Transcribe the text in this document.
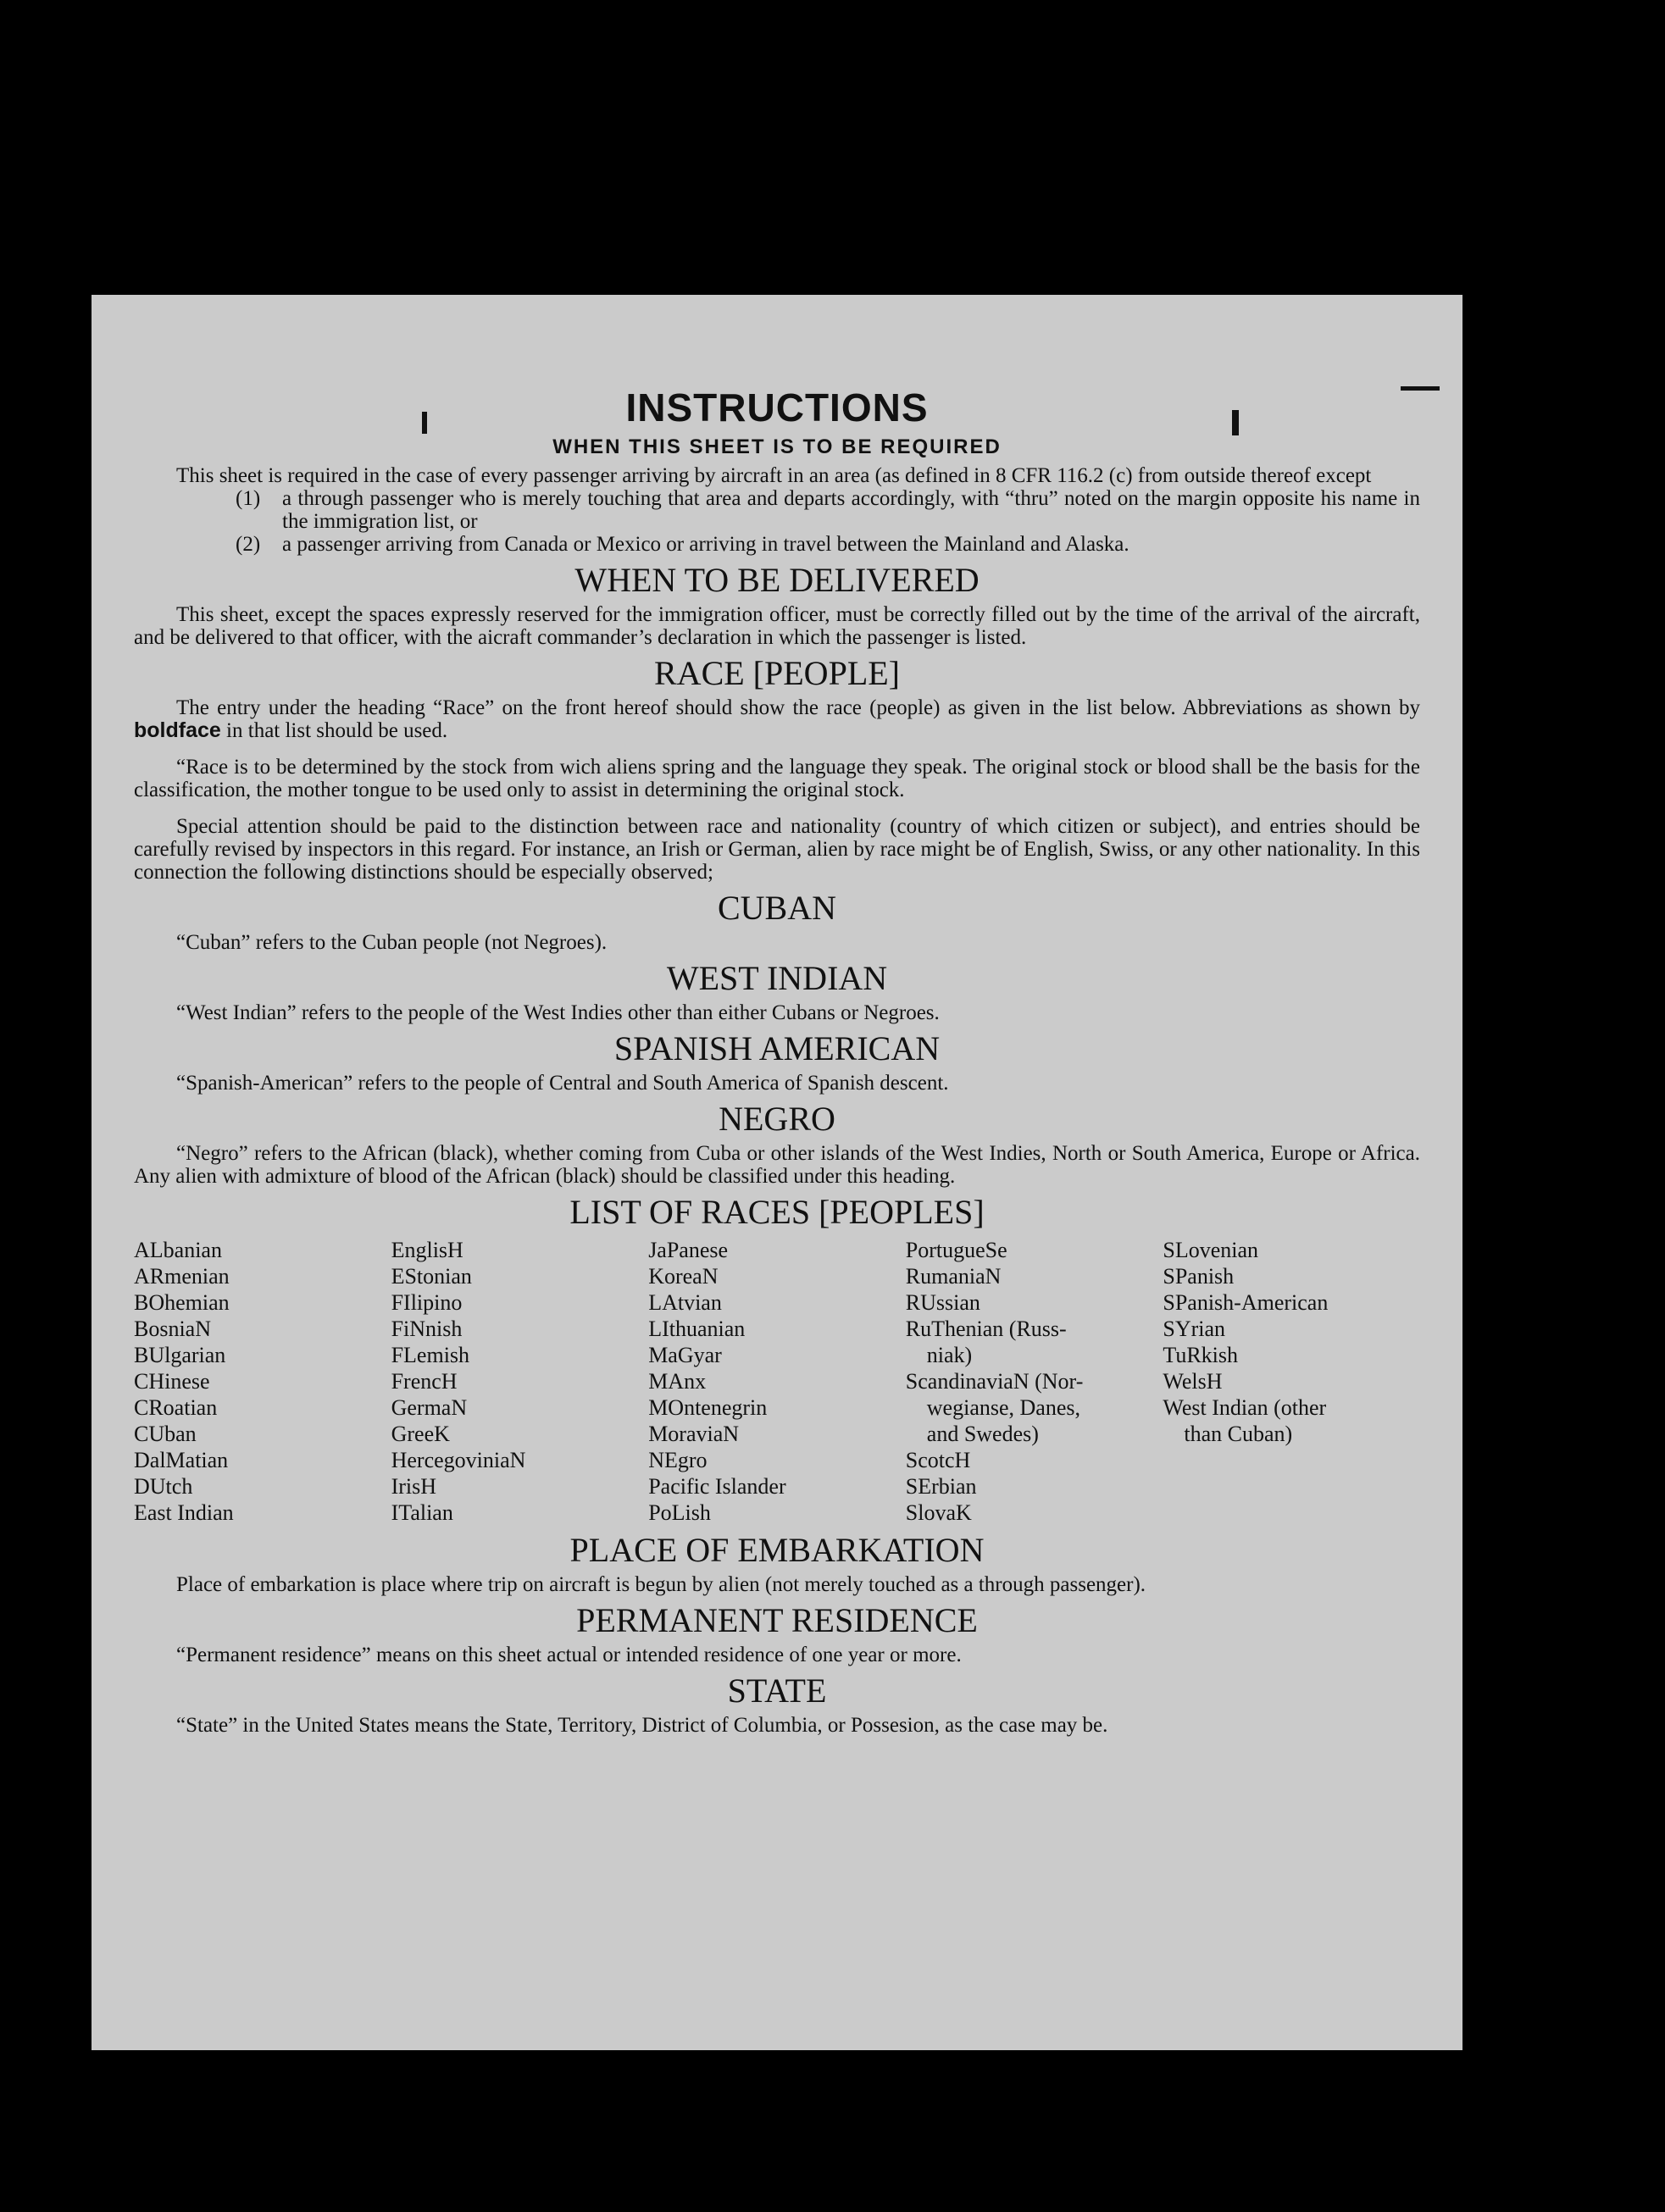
INSTRUCTIONS
WHEN THIS SHEET IS TO BE REQUIRED

This sheet is required in the case of every passenger arriving by aircraft in an area (as defined in 8 CFR 116.2 (c) from outside thereof except

(1)	a through passenger who is merely touching that area and departs accordingly, with “thru” noted on the margin opposite his name in the immigration list, or
(2)	a passenger arriving from Canada or Mexico or arriving in travel between the Mainland and Alaska.
WHEN TO BE DELIVERED

This sheet, except the spaces expressly reserved for the immigration officer, must be correctly filled out by the time of the arrival of the aircraft, and be delivered to that officer, with the aicraft commander’s declaration in which the passenger is listed.

RACE [PEOPLE]

The entry under the heading “Race” on the front hereof should show the race (people) as given in the list below. Abbreviations as shown by boldface in that list should be used.

“Race is to be determined by the stock from wich aliens spring and the language they speak. The original stock or blood shall be the basis for the classification, the mother tongue to be used only to assist in determining the original stock.

Special attention should be paid to the distinction between race and nationality (country of which citizen or subject), and entries should be carefully revised by inspectors in this regard. For instance, an Irish or German, alien by race might be of English, Swiss, or any other nationality. In this connection the following distinctions should be especially observed;

CUBAN

“Cuban” refers to the Cuban people (not Negroes).

WEST INDIAN

“West Indian” refers to the people of the West Indies other than either Cubans or Negroes.

SPANISH AMERICAN

“Spanish-American” refers to the people of Central and South America of Spanish descent.

NEGRO

“Negro” refers to the African (black), whether coming from Cuba or other islands of the West Indies, North or South America, Europe or Africa. Any alien with admixture of blood of the African (black) should be classified under this heading.

LIST OF RACES [PEOPLES]
ALbanian
ARmenian
BOhemian
BosniaN
BUlgarian
CHinese
CRoatian
CUban
DalMatian
DUtch
East Indian
EnglisH
EStonian
FIlipino
FiNnish
FLemish
FrencH
GermaN
GreeK
HercegoviniaN
IrisH
ITalian
JaPanese
KoreaN
LAtvian
LIthuanian
MaGyar
MAnx
MOntenegrin
MoraviaN
NEgro
Pacific Islander
PoLish
PortugueSe
RumaniaN
RUssian
RuThenian (Russ-
niak)
ScandinaviaN (Nor-
wegianse, Danes,
and Swedes)
ScotcH
SErbian
SlovaK
SLovenian
SPanish
SPanish-American
SYrian
TuRkish
WelsH
West Indian (other
than Cuban)
PLACE OF EMBARKATION

Place of embarkation is place where trip on aircraft is begun by alien (not merely touched as a through passenger).

PERMANENT RESIDENCE

“Permanent residence” means on this sheet actual or intended residence of one year or more.

STATE

“State” in the United States means the State, Territory, District of Columbia, or Possesion, as the case may be.
